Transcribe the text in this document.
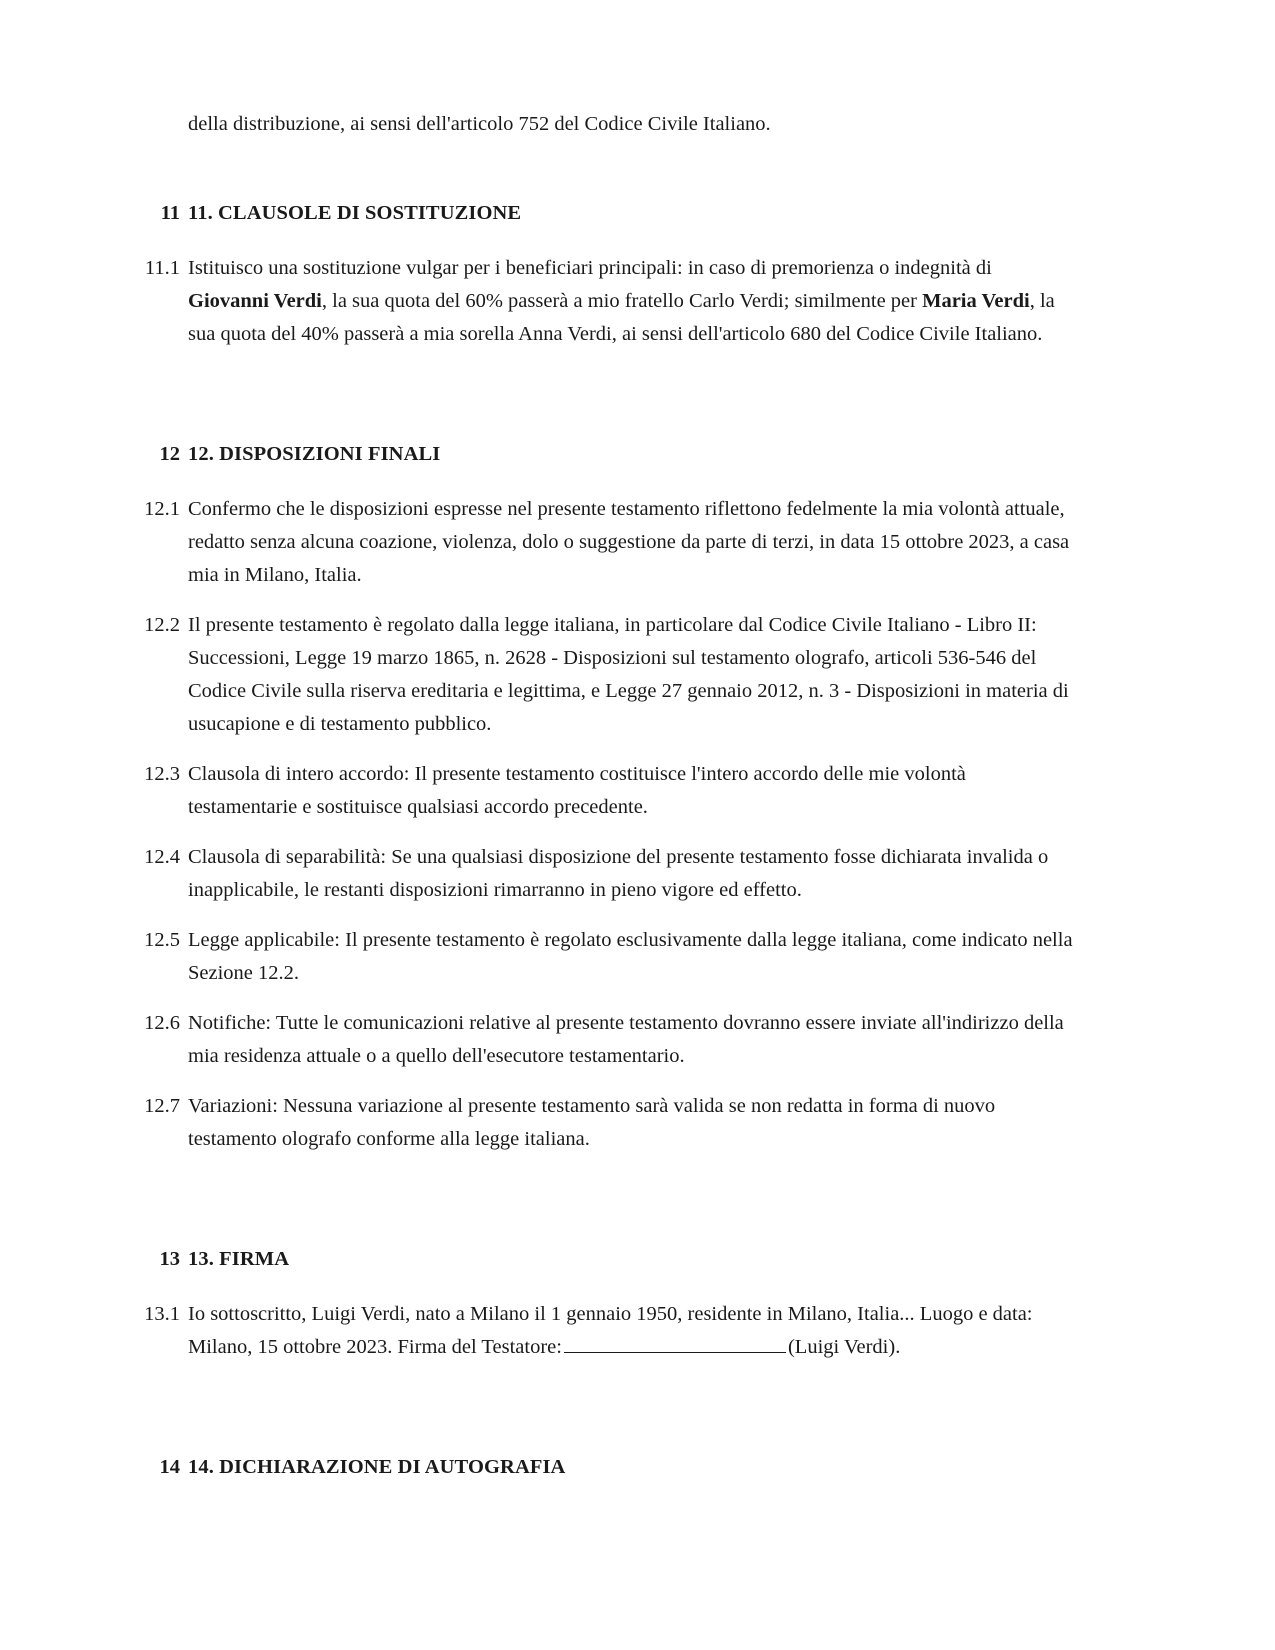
della distribuzione, ai sensi dell'articolo 752 del Codice Civile Italiano.
11 11. CLAUSOLE DI SOSTITUZIONE
11.1 Istituisco una sostituzione vulgar per i beneficiari principali: in caso di premorienza o indegnità di Giovanni Verdi, la sua quota del 60% passerà a mio fratello Carlo Verdi; similmente per Maria Verdi, la sua quota del 40% passerà a mia sorella Anna Verdi, ai sensi dell'articolo 680 del Codice Civile Italiano.
12 12. DISPOSIZIONI FINALI
12.1 Confermo che le disposizioni espresse nel presente testamento riflettono fedelmente la mia volontà attuale, redatto senza alcuna coazione, violenza, dolo o suggestione da parte di terzi, in data 15 ottobre 2023, a casa mia in Milano, Italia.
12.2 Il presente testamento è regolato dalla legge italiana, in particolare dal Codice Civile Italiano - Libro II: Successioni, Legge 19 marzo 1865, n. 2628 - Disposizioni sul testamento olografo, articoli 536-546 del Codice Civile sulla riserva ereditaria e legittima, e Legge 27 gennaio 2012, n. 3 - Disposizioni in materia di usucapione e di testamento pubblico.
12.3 Clausola di intero accordo: Il presente testamento costituisce l'intero accordo delle mie volontà testamentarie e sostituisce qualsiasi accordo precedente.
12.4 Clausola di separabilità: Se una qualsiasi disposizione del presente testamento fosse dichiarata invalida o inapplicabile, le restanti disposizioni rimarranno in pieno vigore ed effetto.
12.5 Legge applicabile: Il presente testamento è regolato esclusivamente dalla legge italiana, come indicato nella Sezione 12.2.
12.6 Notifiche: Tutte le comunicazioni relative al presente testamento dovranno essere inviate all'indirizzo della mia residenza attuale o a quello dell'esecutore testamentario.
12.7 Variazioni: Nessuna variazione al presente testamento sarà valida se non redatta in forma di nuovo testamento olografo conforme alla legge italiana.
13 13. FIRMA
13.1 Io sottoscritto, Luigi Verdi, nato a Milano il 1 gennaio 1950, residente in Milano, Italia... Luogo e data: Milano, 15 ottobre 2023. Firma del Testatore:	(Luigi Verdi).
14 14. DICHIARAZIONE DI AUTOGRAFIA
